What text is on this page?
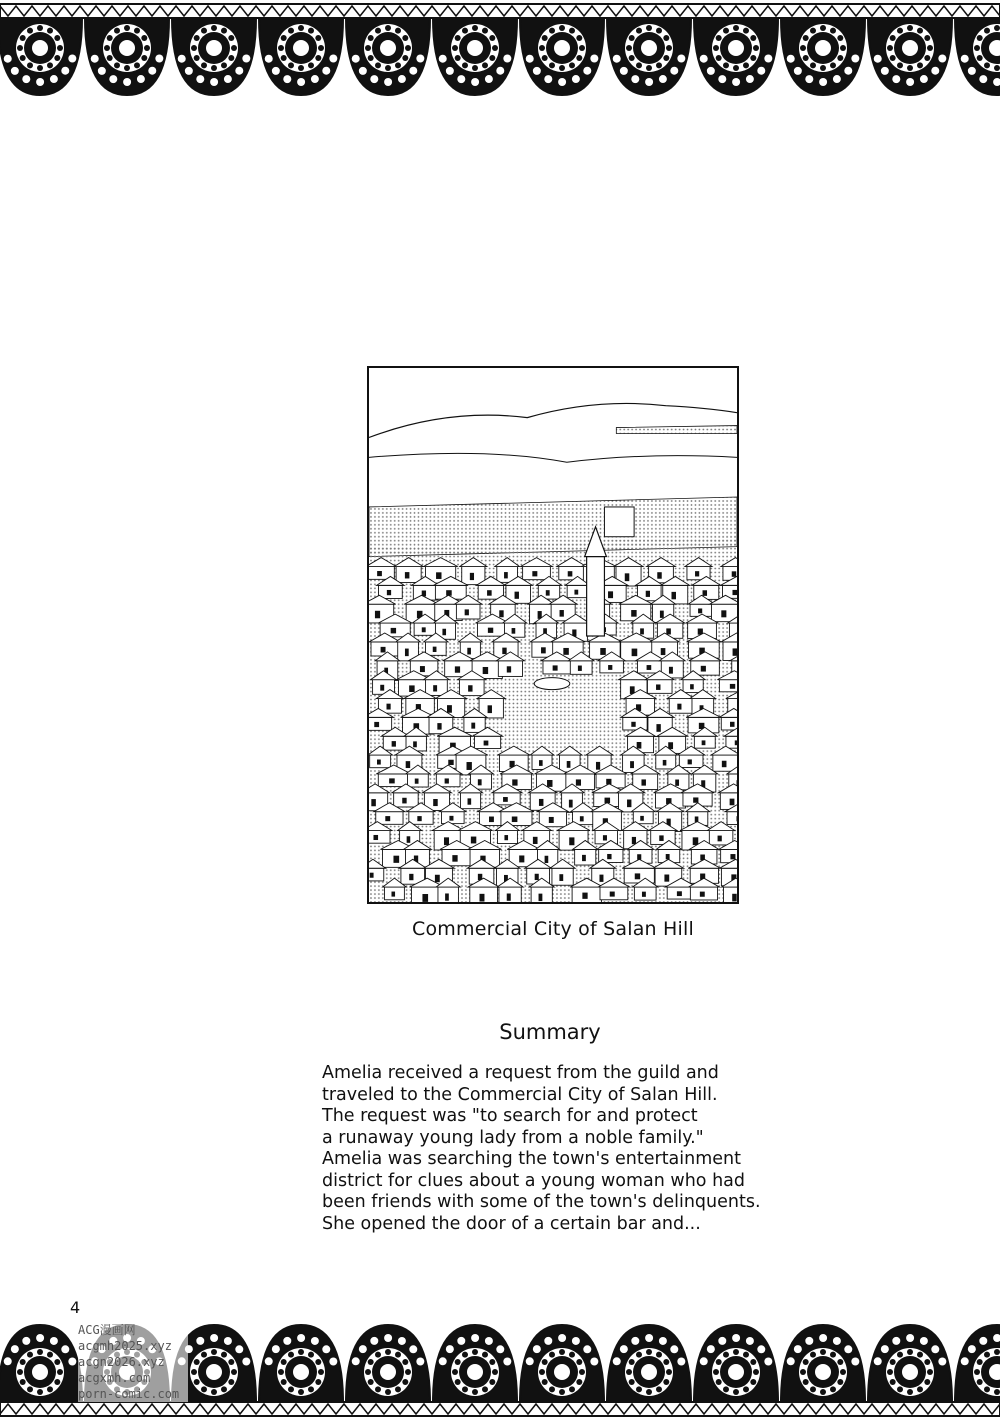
Commercial City of Salan Hill
Summary
Amelia received a request from the guild and
traveled to the Commercial City of Salan Hill.
The request was "to search for and protect
a runaway young lady from a noble family."
Amelia was searching the town's entertainment
district for clues about a young woman who had
been friends with some of the town's delinquents.
She opened the door of a certain bar and...
4
ACG漫画网
acgmh2025.xyz
acgn2026.xyz
acgxmh.com
porn-comic.com
